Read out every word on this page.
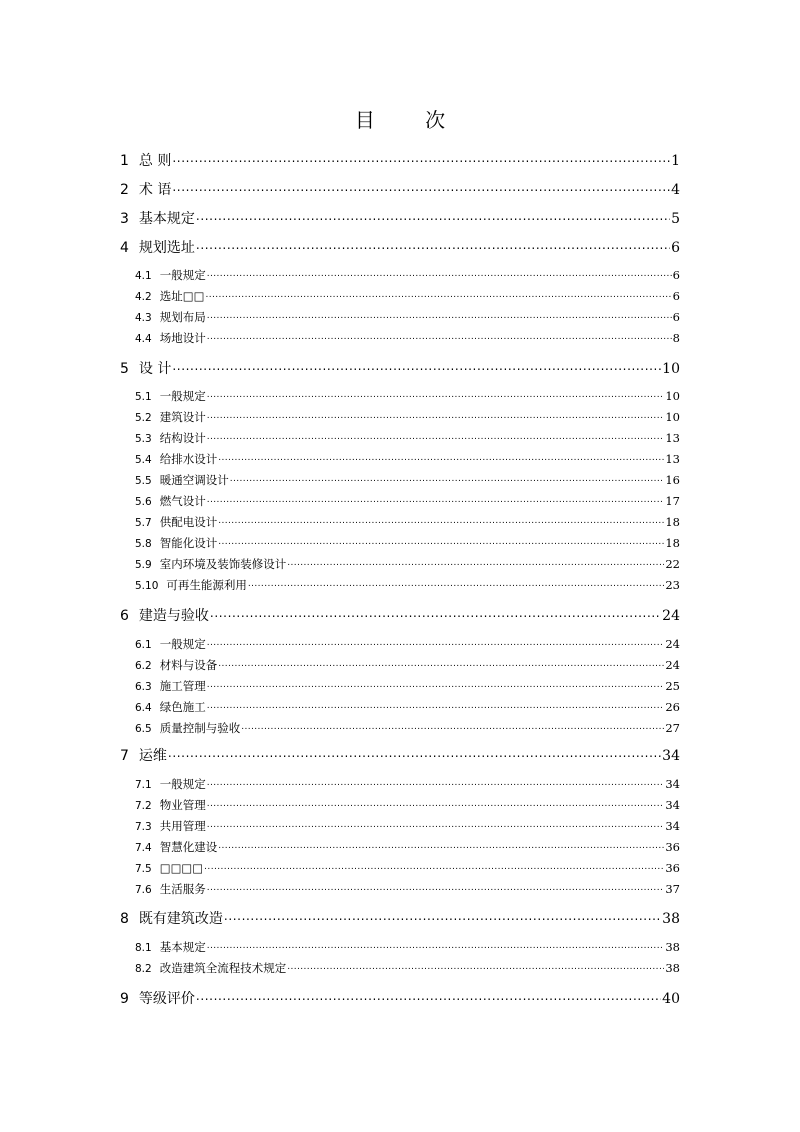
目 次
1 总 则 .....	1
2 术 语 .....	4
3 基本规定 .....	5
4 规划选址 .....	6
4.1 一般规定 .....	6
4.2 选址□□ .....	6
4.3 规划布局 .....	6
4.4 场地设计 .....	8
5 设 计 .....	10
5.1 一般规定 .....	10
5.2 建筑设计 .....	10
5.3 结构设计 .....	13
5.4 给排水设计 .....	13
5.5 暖通空调设计 .....	16
5.6 燃气设计 .....	17
5.7 供配电设计 .....	18
5.8 智能化设计 .....	18
5.9 室内环境及装饰装修设计 .....	22
5.10 可再生能源利用 .....	23
6 建造与验收 .....	24
6.1 一般规定 .....	24
6.2 材料与设备 .....	24
6.3 施工管理 .....	25
6.4 绿色施工 .....	26
6.5 质量控制与验收 .....	27
7 运维 .....	34
7.1 一般规定 .....	34
7.2 物业管理 .....	34
7.3 共用管理 .....	34
7.4 智慧化建设 .....	36
7.5 □□□□ .....	36
7.6 生活服务 .....	37
8 既有建筑改造 .....	38
8.1 基本规定 .....	38
8.2 改造建筑全流程技术规定 .....	38
9 等级评价 .....	40
